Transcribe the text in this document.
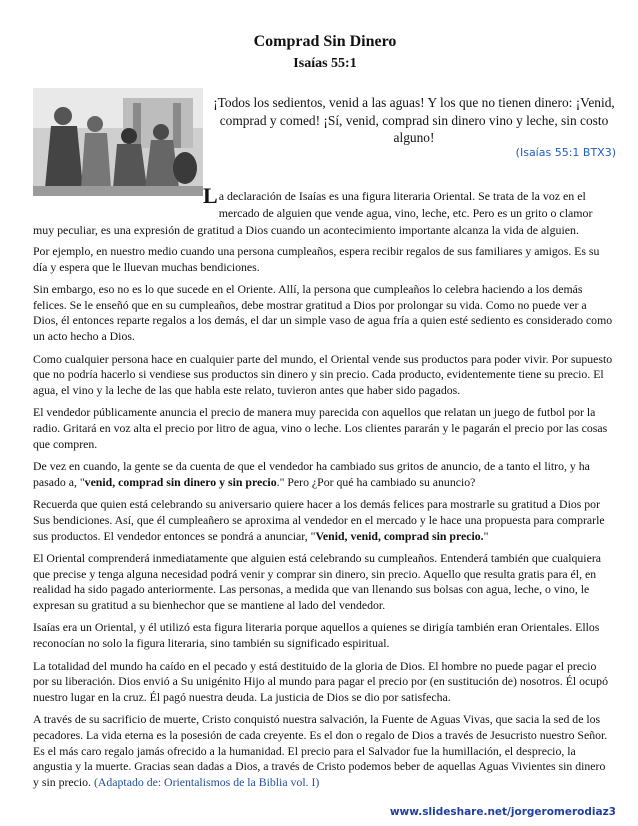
Comprad Sin Dinero
Isaías 55:1
¡Todos los sedientos, venid a las aguas! Y los que no tienen dinero: ¡Venid, comprad y comed! ¡Sí, venid, comprad sin dinero vino y leche, sin costo alguno!
(Isaías 55:1 BTX3)
L a declaración de Isaías es una figura literaria Oriental. Se trata de la voz en el mercado de alguien que vende agua, vino, leche, etc. Pero es un grito o clamor muy peculiar, es una expresión de gratitud a Dios cuando un acontecimiento importante alcanza la vida de alguien.

Por ejemplo, en nuestro medio cuando una persona cumpleaños, espera recibir regalos de sus familiares y amigos. Es su día y espera que le lluevan muchas bendiciones.

Sin embargo, eso no es lo que sucede en el Oriente. Allí, la persona que cumpleaños lo celebra haciendo a los demás felices. Se le enseñó que en su cumpleaños, debe mostrar gratitud a Dios por prolongar su vida. Como no puede ver a Dios, él entonces reparte regalos a los demás, el dar un simple vaso de agua fría a quien esté sediento es considerado como un acto hecho a Dios.

Como cualquier persona hace en cualquier parte del mundo, el Oriental vende sus productos para poder vivir. Por supuesto que no podría hacerlo si vendiese sus productos sin dinero y sin precio. Cada producto, evidentemente tiene su precio. El agua, el vino y la leche de las que habla este relato, tuvieron antes que haber sido pagados.

El vendedor públicamente anuncia el precio de manera muy parecida con aquellos que relatan un juego de futbol por la radio. Gritará en voz alta el precio por litro de agua, vino o leche. Los clientes pararán y le pagarán el precio por las cosas que compren.

De vez en cuando, la gente se da cuenta de que el vendedor ha cambiado sus gritos de anuncio, de a tanto el litro, y ha pasado a, "venid, comprad sin dinero y sin precio." Pero ¿Por qué ha cambiado su anuncio?

Recuerda que quien está celebrando su aniversario quiere hacer a los demás felices para mostrarle su gratitud a Dios por Sus bendiciones. Así, que él cumpleañero se aproxima al vendedor en el mercado y le hace una propuesta para comprarle sus productos. El vendedor entonces se pondrá a anunciar, "Venid, venid, comprad sin precio."

El Oriental comprenderá inmediatamente que alguien está celebrando su cumpleaños. Entenderá también que cualquiera que precise y tenga alguna necesidad podrá venir y comprar sin dinero, sin precio. Aquello que resulta gratis para él, en realidad ha sido pagado anteriormente. Las personas, a medida que van llenando sus bolsas con agua, leche, o vino, le expresan su gratitud a su bienhechor que se mantiene al lado del vendedor.

Isaías era un Oriental, y él utilizó esta figura literaria porque aquellos a quienes se dirigía también eran Orientales. Ellos reconocían no solo la figura literaria, sino también su significado espiritual.

La totalidad del mundo ha caído en el pecado y está destituido de la gloria de Dios. El hombre no puede pagar el precio por su liberación. Dios envió a Su unigénito Hijo al mundo para pagar el precio por (en sustitución de) nosotros. Él ocupó nuestro lugar en la cruz. Él pagó nuestra deuda. La justicia de Dios se dio por satisfecha.

A través de su sacrificio de muerte, Cristo conquistó nuestra salvación, la Fuente de Aguas Vivas, que sacia la sed de los pecadores. La vida eterna es la posesión de cada creyente. Es el don o regalo de Dios a través de Jesucristo nuestro Señor. Es el más caro regalo jamás ofrecido a la humanidad. El precio para el Salvador fue la humillación, el desprecio, la angustia y la muerte. Gracias sean dadas a Dios, a través de Cristo podemos beber de aquellas Aguas Vivientes sin dinero y sin precio. (Adaptado de: Orientalismos de la Biblia vol. I)

www.slideshare.net/jorgeromerodiaz3
